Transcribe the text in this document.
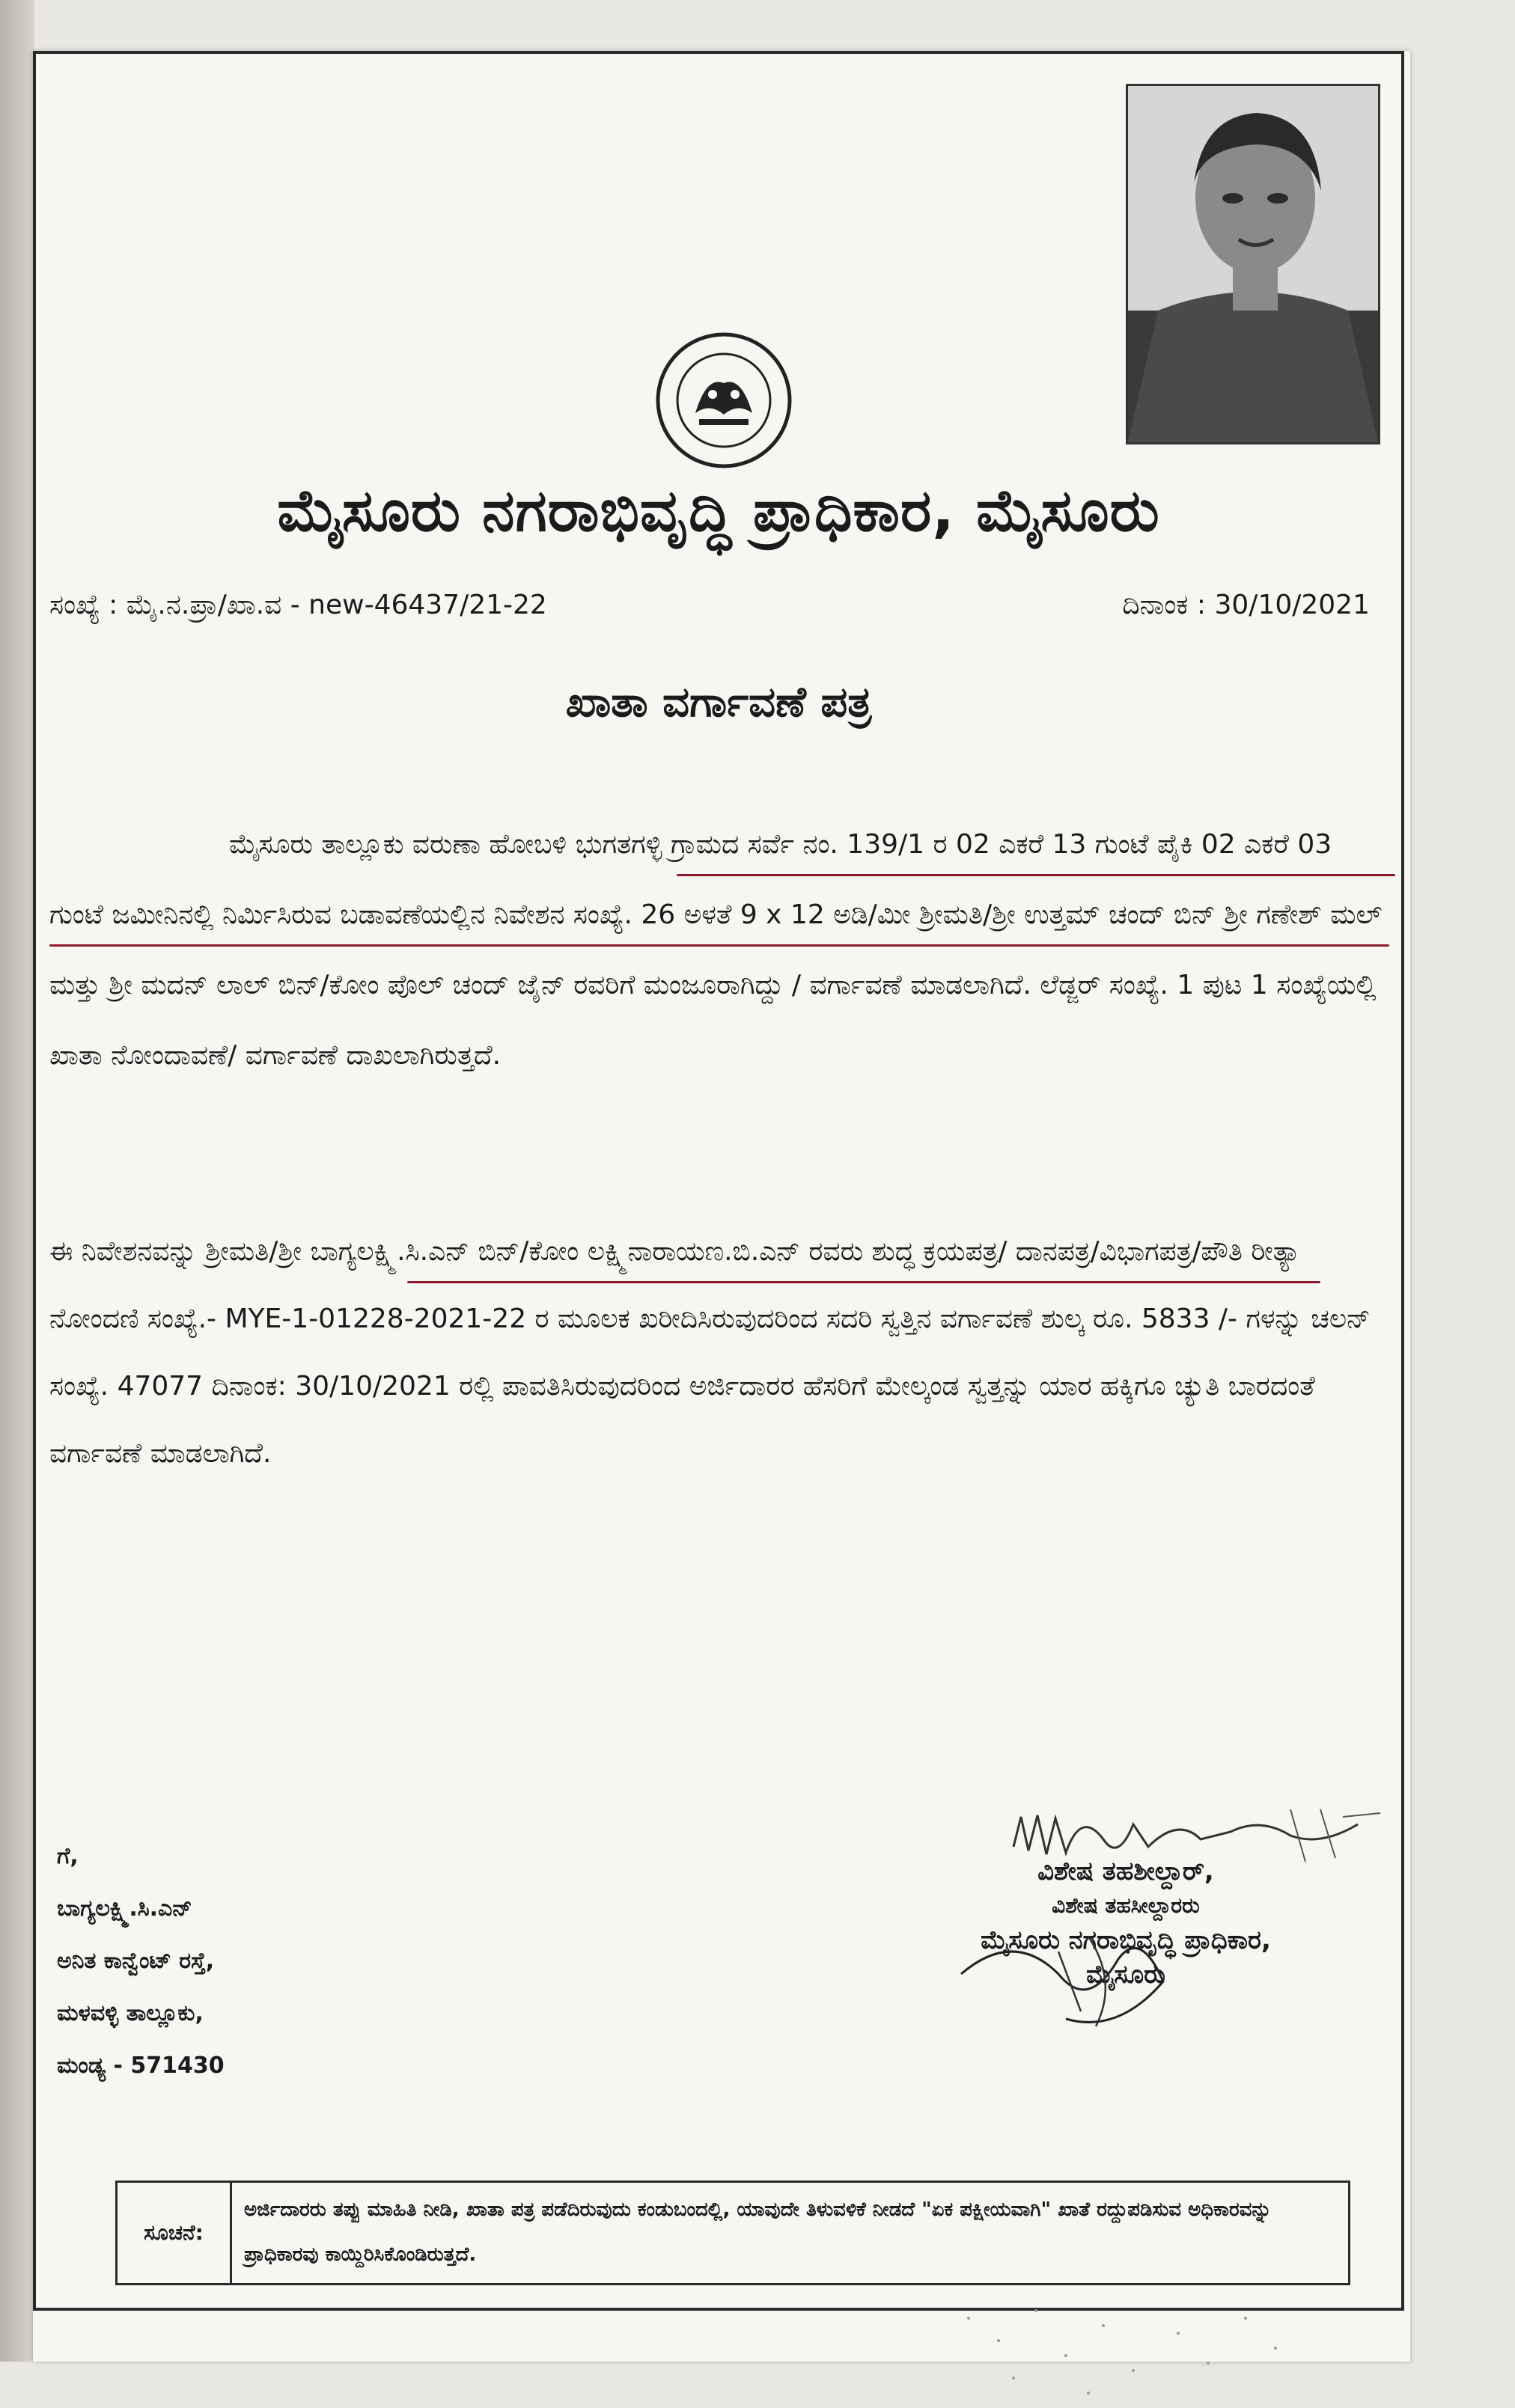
ಮೈಸೂರು ನಗರಾಭಿವೃದ್ಧಿ ಪ್ರಾಧಿಕಾರ, ಮೈಸೂರು
ಸಂಖ್ಯೆ : ಮೈ.ನ.ಪ್ರಾ/ಖಾ.ವ - new-46437/21-22	ದಿನಾಂಕ : 30/10/2021
ಖಾತಾ ವರ್ಗಾವಣೆ ಪತ್ರ
ಮೈಸೂರು ತಾಲ್ಲೂಕು ವರುಣಾ ಹೋಬಳಿ ಭುಗತಗಳ್ಳಿ ಗ್ರಾಮದ ಸರ್ವೆ ನಂ. 139/1 ರ 02 ಎಕರೆ 13 ಗುಂಟೆ ಪೈಕಿ 02 ಎಕರೆ 03 ಗುಂಟೆ ಜಮೀನಿನಲ್ಲಿ ನಿರ್ಮಿಸಿರುವ ಬಡಾವಣೆಯಲ್ಲಿನ ನಿವೇಶನ ಸಂಖ್ಯೆ. 26 ಅಳತೆ 9 x 12 ಅಡಿ/ಮೀ ಶ್ರೀಮತಿ/ಶ್ರೀ ಉತ್ತಮ್ ಚಂದ್ ಬಿನ್ ಶ್ರೀ ಗಣೇಶ್ ಮಲ್ ಮತ್ತು ಶ್ರೀ ಮದನ್ ಲಾಲ್ ಬಿನ್/ಕೋಂ ಪೊಲ್ ಚಂದ್ ಜೈನ್ ರವರಿಗೆ ಮಂಜೂರಾಗಿದ್ದು / ವರ್ಗಾವಣೆ ಮಾಡಲಾಗಿದೆ. ಲೆಡ್ಜರ್ ಸಂಖ್ಯೆ. 1 ಪುಟ 1 ಸಂಖ್ಯೆಯಲ್ಲಿ ಖಾತಾ ನೋಂದಾವಣೆ/ ವರ್ಗಾವಣೆ ದಾಖಲಾಗಿರುತ್ತದೆ.
ಈ ನಿವೇಶನವನ್ನು ಶ್ರೀಮತಿ/ಶ್ರೀ ಬಾಗ್ಯಲಕ್ಷ್ಮಿ.ಸಿ.ಎನ್ ಬಿನ್/ಕೋಂ ಲಕ್ಷ್ಮಿನಾರಾಯಣ.ಬಿ.ಎನ್ ರವರು ಶುದ್ಧ ಕ್ರಯಪತ್ರ/ ದಾನಪತ್ರ/ವಿಭಾಗಪತ್ರ/ಪೌತಿ ರೀತ್ಯಾ ನೋಂದಣಿ ಸಂಖ್ಯೆ.- MYE-1-01228-2021-22 ರ ಮೂಲಕ ಖರೀದಿಸಿರುವುದರಿಂದ ಸದರಿ ಸ್ವತ್ತಿನ ವರ್ಗಾವಣೆ ಶುಲ್ಕ ರೂ. 5833 /- ಗಳನ್ನು ಚಲನ್ ಸಂಖ್ಯೆ. 47077 ದಿನಾಂಕ: 30/10/2021 ರಲ್ಲಿ ಪಾವತಿಸಿರುವುದರಿಂದ ಅರ್ಜಿದಾರರ ಹೆಸರಿಗೆ ಮೇಲ್ಕಂಡ ಸ್ವತ್ತನ್ನು ಯಾರ ಹಕ್ಕಿಗೂ ಚ್ಯುತಿ ಬಾರದಂತೆ ವರ್ಗಾವಣೆ ಮಾಡಲಾಗಿದೆ.
ಗೆ,
ಬಾಗ್ಯಲಕ್ಷ್ಮಿ.ಸಿ.ಎನ್
ಅನಿತ ಕಾನ್ವೆಂಟ್ ರಸ್ತೆ,
ಮಳವಳ್ಳಿ ತಾಲ್ಲೂಕು,
ಮಂಡ್ಯ - 571430
ವಿಶೇಷ ತಹಶೀಲ್ದಾರ್,
ವಿಶೇಷ ತಹಸೀಲ್ದಾರರು
ಮೈಸೂರು ನಗರಾಭಿವೃದ್ಧಿ ಪ್ರಾಧಿಕಾರ,
ಮೈಸೂರು
ಸೂಚನೆ:
ಅರ್ಜಿದಾರರು ತಪ್ಪು ಮಾಹಿತಿ ನೀಡಿ, ಖಾತಾ ಪತ್ರ ಪಡೆದಿರುವುದು ಕಂಡುಬಂದಲ್ಲಿ, ಯಾವುದೇ ತಿಳುವಳಿಕೆ ನೀಡದೆ "ಏಕ ಪಕ್ಷೀಯವಾಗಿ" ಖಾತೆ ರದ್ದುಪಡಿಸುವ ಅಧಿಕಾರವನ್ನು ಪ್ರಾಧಿಕಾರವು ಕಾಯ್ದಿರಿಸಿಕೊಂಡಿರುತ್ತದೆ.
